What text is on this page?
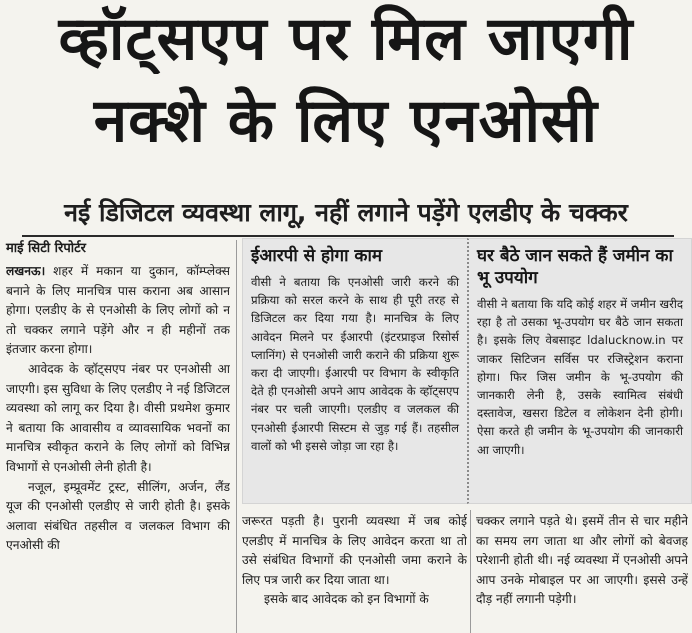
व्हॉट्सएप पर मिल जाएगी
नक्शे के लिए एनओसी
नई डिजिटल व्यवस्था लागू, नहीं लगाने पड़ेंगे एलडीए के चक्कर
माई सिटी रिपोर्टर

लखनऊ। शहर में मकान या दुकान, कॉम्प्लेक्स बनाने के लिए मानचित्र पास कराना अब आसान होगा। एलडीए के से एनओसी के लिए लोगों को न तो चक्कर लगाने पड़ेंगे और न ही महीनों तक इंतजार करना होगा।

आवेदक के व्हॉट्सएप नंबर पर एनओसी आ जाएगी। इस सुविधा के लिए एलडीए ने नई डिजिटल व्यवस्था को लागू कर दिया है। वीसी प्रथमेश कुमार ने बताया कि आवासीय व व्यावसायिक भवनों का मानचित्र स्वीकृत कराने के लिए लोगों को विभिन्न विभागों से एनओसी लेनी होती है।

नजूल, इम्प्रूवमेंट ट्रस्ट, सीलिंग, अर्जन, लैंड यूज की एनओसी एलडीए से जारी होती है। इसके अलावा संबंधित तहसील व जलकल विभाग की एनओसी की

ईआरपी से होगा काम
वीसी ने बताया कि एनओसी जारी करने की प्रक्रिया को सरल करने के साथ ही पूरी तरह से डिजिटल कर दिया गया है। मानचित्र के लिए आवेदन मिलने पर ईआरपी (इंटरप्राइज रिसोर्स प्लानिंग) से एनओसी जारी कराने की प्रक्रिया शुरू करा दी जाएगी। ईआरपी पर विभाग के स्वीकृति देते ही एनओसी अपने आप आवेदक के व्हॉट्सएप नंबर पर चली जाएगी। एलडीए व जलकल की एनओसी ईआरपी सिस्टम से जुड़ गई हैं। तहसील वालों को भी इससे जोड़ा जा रहा है।
घर बैठे जान सकते हैं जमीन का भू उपयोग
वीसी ने बताया कि यदि कोई शहर में जमीन खरीद रहा है तो उसका भू-उपयोग घर बैठे जान सकता है। इसके लिए वेबसाइट ldalucknow.in पर जाकर सिटिजन सर्विस पर रजिस्ट्रेशन कराना होगा। फिर जिस जमीन के भू-उपयोग की जानकारी लेनी है, उसके स्वामित्व संबंधी दस्तावेज, खसरा डिटेल व लोकेशन देनी होगी। ऐसा करते ही जमीन के भू-उपयोग की जानकारी आ जाएगी।

जरूरत पड़ती है। पुरानी व्यवस्था में जब कोई एलडीए में मानचित्र के लिए आवेदन करता था तो उसे संबंधित विभागों की एनओसी जमा कराने के लिए पत्र जारी कर दिया जाता था।

इसके बाद आवेदक को इन विभागों के

चक्कर लगाने पड़ते थे। इसमें तीन से चार महीने का समय लग जाता था और लोगों को बेवजह परेशानी होती थी। नई व्यवस्था में एनओसी अपने आप उनके मोबाइल पर आ जाएगी। इससे उन्हें दौड़ नहीं लगानी पड़ेगी।
